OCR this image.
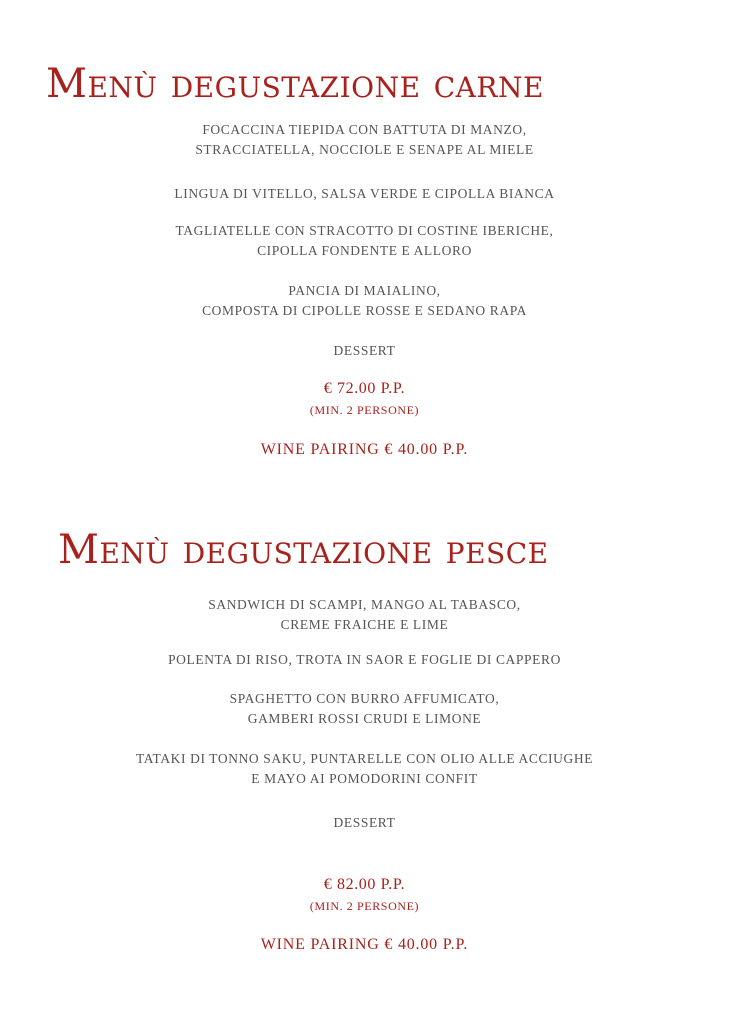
Menù degustazione carne
FOCACCINA TIEPIDA CON BATTUTA DI MANZO,
STRACCIATELLA, NOCCIOLE E SENAPE AL MIELE
LINGUA DI VITELLO, SALSA VERDE E CIPOLLA BIANCA
TAGLIATELLE CON STRACOTTO DI COSTINE IBERICHE,
CIPOLLA FONDENTE E ALLORO
PANCIA DI MAIALINO,
COMPOSTA DI CIPOLLE ROSSE E SEDANO RAPA
DESSERT
€ 72.00 P.P.
(MIN. 2 PERSONE)
WINE PAIRING € 40.00 P.P.
Menù degustazione pesce
SANDWICH DI SCAMPI, MANGO AL TABASCO,
CREME FRAICHE E LIME
POLENTA DI RISO, TROTA IN SAOR E FOGLIE DI CAPPERO
SPAGHETTO CON BURRO AFFUMICATO,
GAMBERI ROSSI CRUDI E LIMONE
TATAKI DI TONNO SAKU, PUNTARELLE CON OLIO ALLE ACCIUGHE
E MAYO AI POMODORINI CONFIT
DESSERT
€ 82.00 P.P.
(MIN. 2 PERSONE)
WINE PAIRING € 40.00 P.P.
